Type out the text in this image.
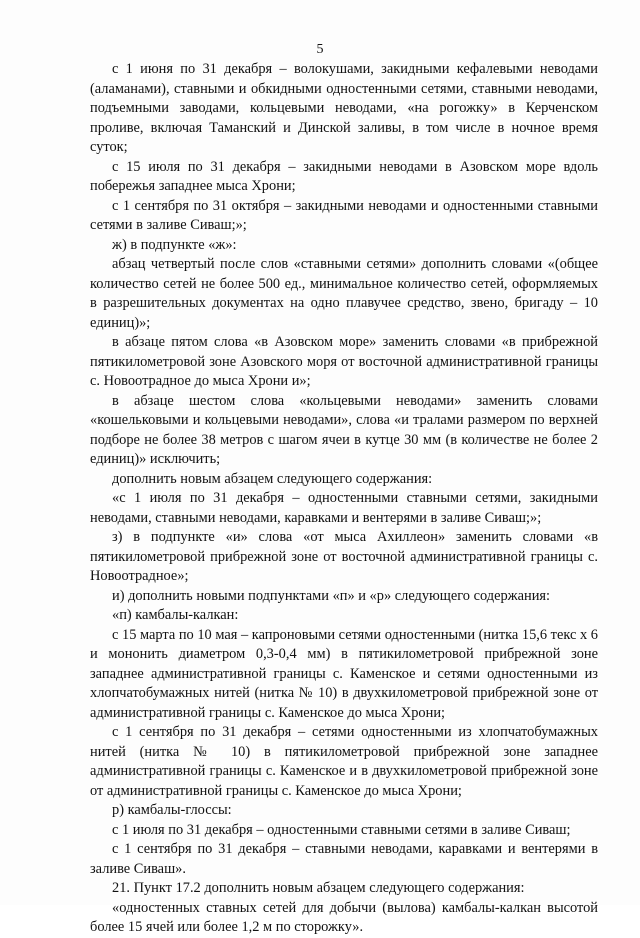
5

с 1 июня по 31 декабря – волокушами, закидными кефалевыми неводами (аламанами), ставными и обкидными одностенными сетями, ставными неводами, подъемными заводами, кольцевыми неводами, «на рогожку» в Керченском проливе, включая Таманский и Динской заливы, в том числе в ночное время суток;

с 15 июля по 31 декабря – закидными неводами в Азовском море вдоль побережья западнее мыса Хрони;

с 1 сентября по 31 октября – закидными неводами и одностенными ставными сетями в заливе Сиваш;»;

ж) в подпункте «ж»:

абзац четвертый после слов «ставными сетями» дополнить словами «(общее количество сетей не более 500 ед., минимальное количество сетей, оформляемых в разрешительных документах на одно плавучее средство, звено, бригаду – 10 единиц)»;

в абзаце пятом слова «в Азовском море» заменить словами «в прибрежной пятикилометровой зоне Азовского моря от восточной административной границы с. Новоотрадное до мыса Хрони и»;

в абзаце шестом слова «кольцевыми неводами» заменить словами «кошельковыми и кольцевыми неводами», слова «и тралами размером по верхней подборе не более 38 метров с шагом ячеи в кутце 30 мм (в количестве не более 2 единиц)» исключить;

дополнить новым абзацем следующего содержания:

«с 1 июля по 31 декабря – одностенными ставными сетями, закидными неводами, ставными неводами, каравками и вентерями в заливе Сиваш;»;

з) в подпункте «и» слова «от мыса Ахиллеон» заменить словами «в пятикилометровой прибрежной зоне от восточной административной границы с. Новоотрадное»;

и) дополнить новыми подпунктами «п» и «р» следующего содержания:

«п) камбалы-калкан:

с 15 марта по 10 мая – капроновыми сетями одностенными (нитка 15,6 текс х 6 и мононить диаметром 0,3-0,4 мм) в пятикилометровой прибрежной зоне западнее административной границы с. Каменское и сетями одностенными из хлопчатобумажных нитей (нитка № 10) в двухкилометровой прибрежной зоне от административной границы с. Каменское до мыса Хрони;

с 1 сентября по 31 декабря – сетями одностенными из хлопчатобумажных нитей (нитка № 10) в пятикилометровой прибрежной зоне западнее административной границы с. Каменское и в двухкилометровой прибрежной зоне от административной границы с. Каменское до мыса Хрони;

р) камбалы-глоссы:

с 1 июля по 31 декабря – одностенными ставными сетями в заливе Сиваш;

с 1 сентября по 31 декабря – ставными неводами, каравками и вентерями в заливе Сиваш».

21. Пункт 17.2 дополнить новым абзацем следующего содержания:

«одностенных ставных сетей для добычи (вылова) камбалы-калкан высотой более 15 ячей или более 1,2 м по сторожку».
